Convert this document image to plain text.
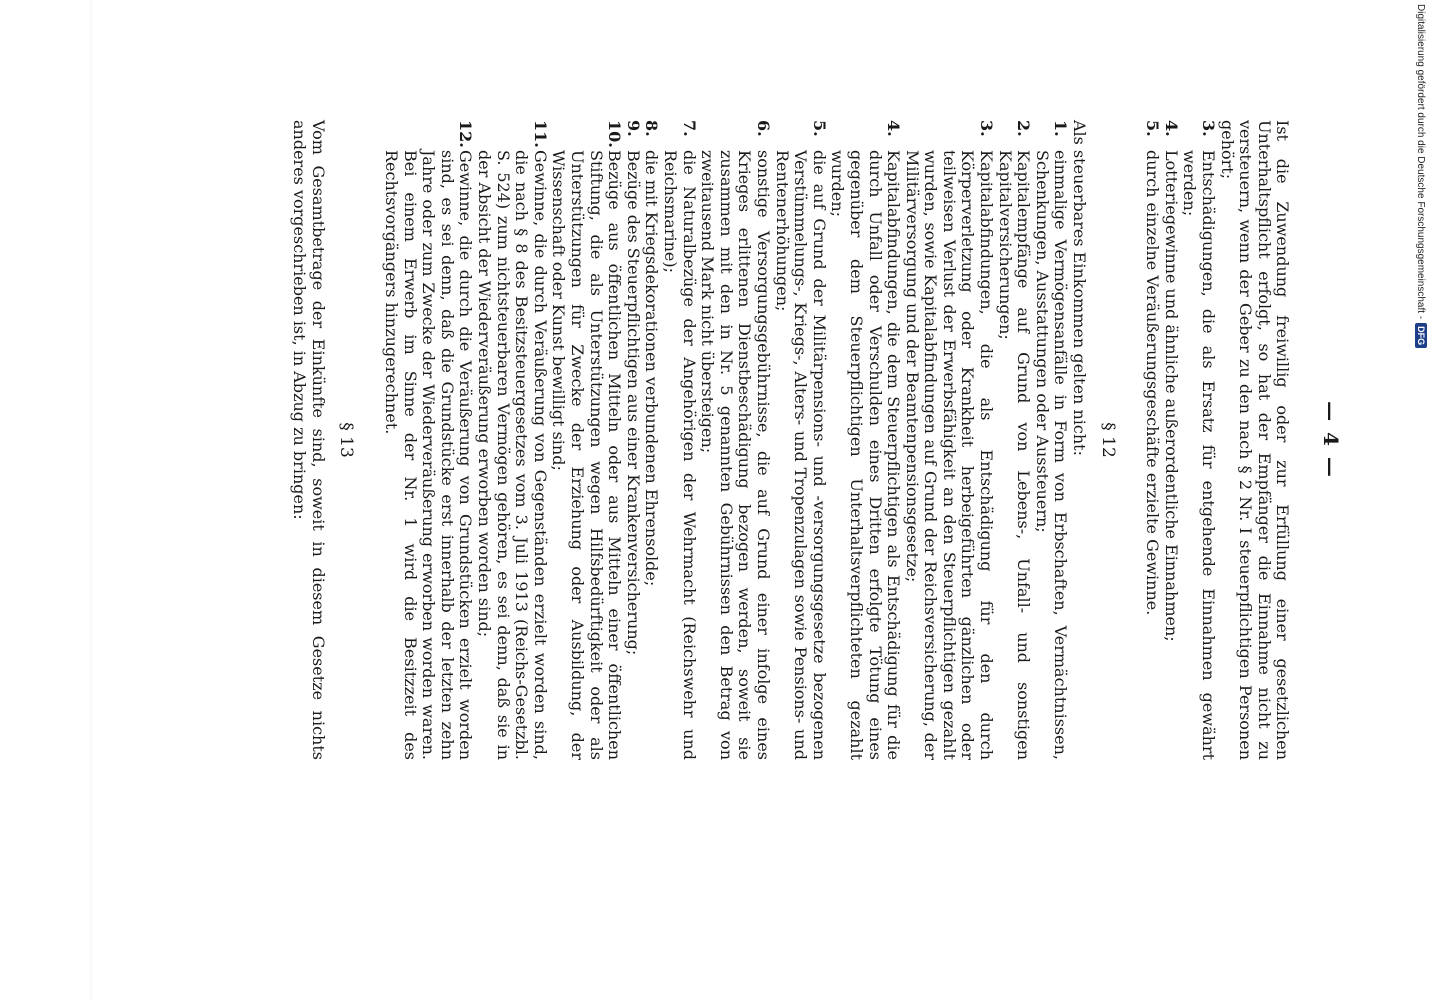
— 4 —

Ist die Zuwendung freiwillig oder zur Erfüllung einer gesetzlichen Unterhaltspflicht erfolgt, so hat der Empfänger die Einnahme nicht zu versteuern, wenn der Geber zu den nach § 2 Nr. I steuerpflichtigen Personen gehört;

3.
Entschädigungen, die als Ersatz für entgehende Einnahmen gewährt werden;
4.
Lotteriegewinne und ähnliche außerordentliche Einnahmen;
5.
durch einzelne Veräußerungsgeschäfte erzielte Gewinne.
§ 12

Als steuerbares Einkommen gelten nicht:

1.
einmalige Vermögensanfälle in Form von Erbschaften, Vermächtnissen, Schenkungen, Ausstattungen oder Aussteuern;
2.
Kapitalempfänge auf Grund von Lebens-, Unfall- und sonstigen Kapitalversicherungen;
3.
Kapitalabfindungen, die als Entschädigung für den durch Körperverletzung oder Krankheit herbeigeführten gänzlichen oder teilweisen Verlust der Erwerbsfähigkeit an den Steuerpflichtigen gezahlt wurden, sowie Kapitalabfindungen auf Grund der Reichsversicherung, der Militärversorgung und der Beamtenpensionsgesetze;
4.
Kapitalabfindungen, die dem Steuerpflichtigen als Entschädigung für die durch Unfall oder Verschulden eines Dritten erfolgte Tötung eines gegenüber dem Steuerpflichtigen Unterhaltsverpflichteten gezahlt wurden;
5.
die auf Grund der Militärpensions- und -versorgungsgesetze bezogenen Verstümmelungs-, Kriegs-, Alters- und Tropenzulagen sowie Pensions- und Rentenerhöhungen;
6.
sonstige Versorgungsgebührnisse, die auf Grund einer infolge eines Krieges erlittenen Dienstbeschädigung bezogen werden, soweit sie zusammen mit den in Nr. 5 genannten Gebührnissen den Betrag von zweitausend Mark nicht übersteigen;
7.
die Naturalbezüge der Angehörigen der Wehrmacht (Reichswehr und Reichsmarine);
8.
die mit Kriegsdekorationen verbundenen Ehrensolde;
9.
Bezüge des Steuerpflichtigen aus einer Krankenversicherung;
10.
Bezüge aus öffentlichen Mitteln oder aus Mitteln einer öffentlichen Stiftung, die als Unterstützungen wegen Hilfsbedürftigkeit oder als Unterstützungen für Zwecke der Erziehung oder Ausbildung, der Wissenschaft oder Kunst bewilligt sind;
11.
Gewinne, die durch Veräußerung von Gegenständen erzielt worden sind, die nach § 8 des Besitzsteuergesetzes vom 3. Juli 1913 (Reichs-Gesetzbl. S. 524) zum nichtsteuerbaren Vermögen gehören, es sei denn, daß sie in der Absicht der Wiederveräußerung erworben worden sind;
12.
Gewinne, die durch die Veräußerung von Grundstücken erzielt worden sind, es sei denn, daß die Grundstücke erst innerhalb der letzten zehn Jahre oder zum Zwecke der Wiederveräußerung erworben worden waren. Bei einem Erwerb im Sinne der Nr. 1 wird die Besitzzeit des Rechtsvorgängers hinzugerechnet.
§ 13

Vom Gesamtbetrage der Einkünfte sind, soweit in diesem Gesetze nichts anderes vorgeschrieben ist, in Abzug zu bringen:	Digitalisierung gefördert durch die Deutsche Forschungsgemeinschaft -
DFG
